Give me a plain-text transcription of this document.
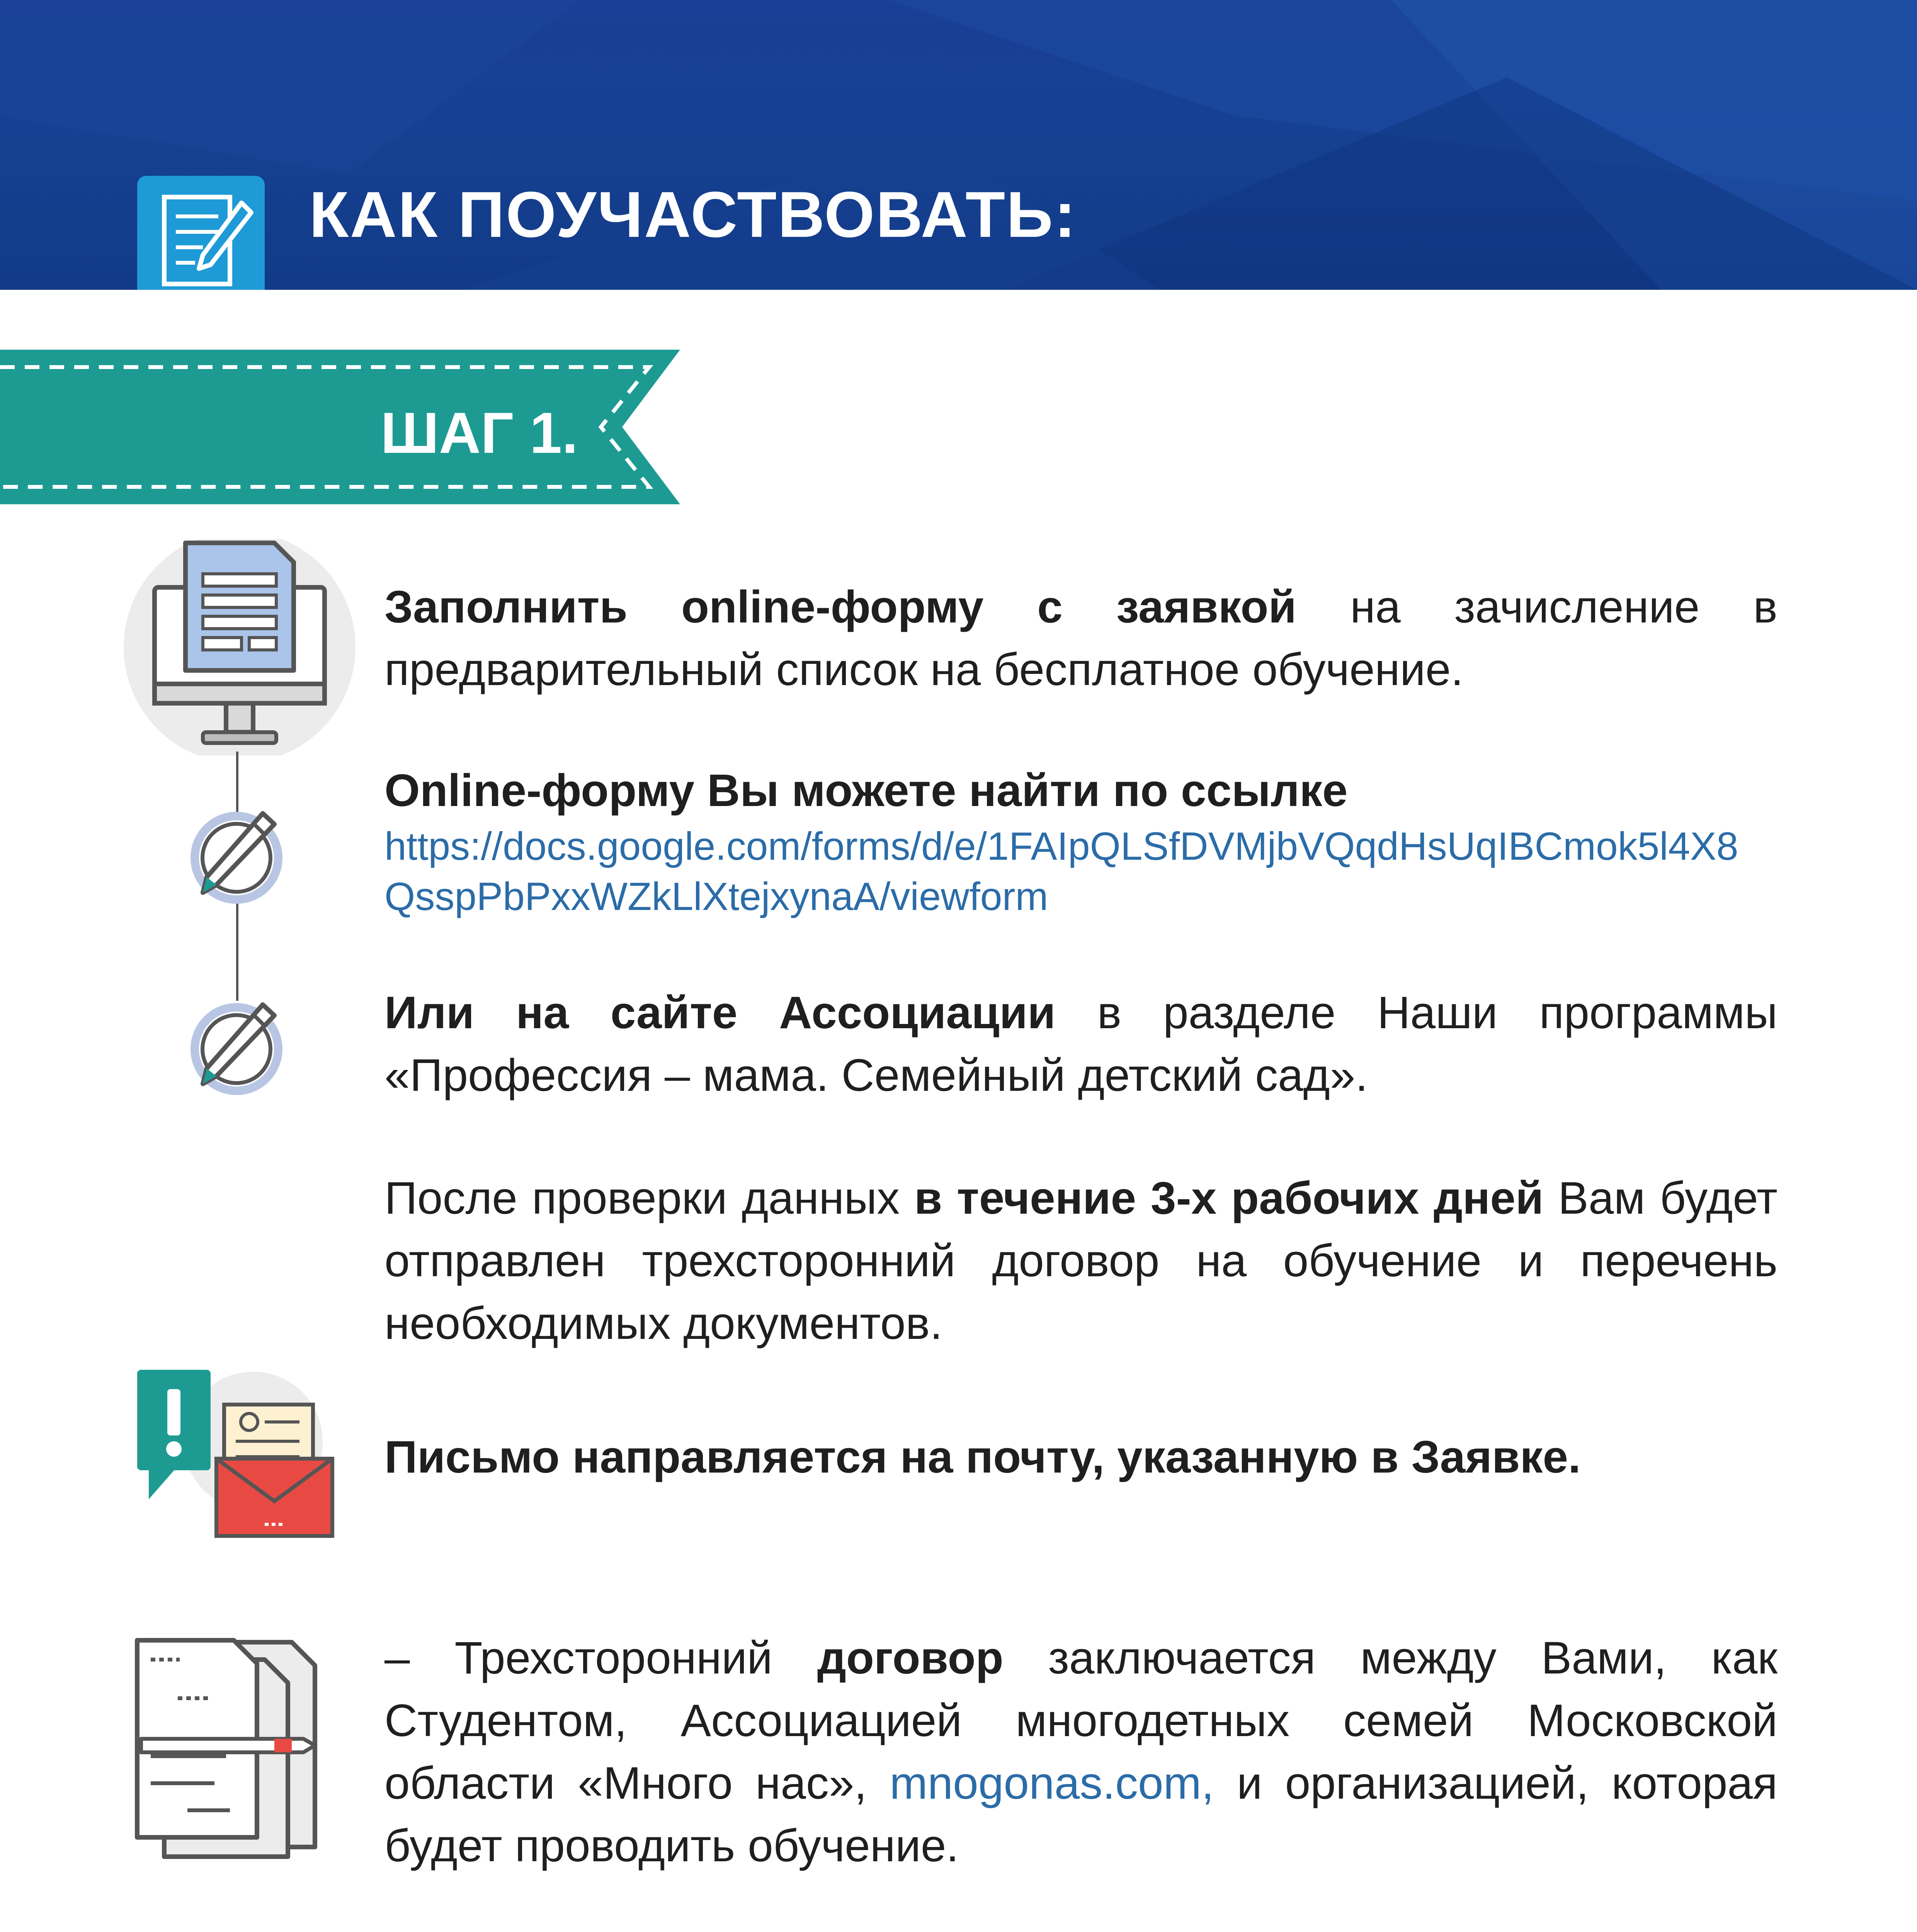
КАК ПОУЧАСТВОВАТЬ:
ШАГ 1.
Заполнить online-форму с заявкой на зачисление в предварительный список на бесплатное обучение.
Online-форму Вы можете найти по ссылке
https://docs.google.com/forms/d/e/1FAIpQLSfDVMjbVQqdHsUqIBCmok5l4X8
QsspPbPxxWZkLlXtejxynaA/viewform
Или на сайте Ассоциации в разделе Наши программы «Профессия – мама. Семейный детский сад».
После проверки данных в течение 3-х рабочих дней Вам будет отправлен трехсторонний договор на обучение и перечень необходимых документов.
Письмо направляется на почту, указанную в Заявке.
– Трехсторонний договор заключается между Вами, как Студентом, Ассоциацией многодетных семей Московской области «Много нас», mnogonas.com, и организацией, которая будет проводить обучение.
